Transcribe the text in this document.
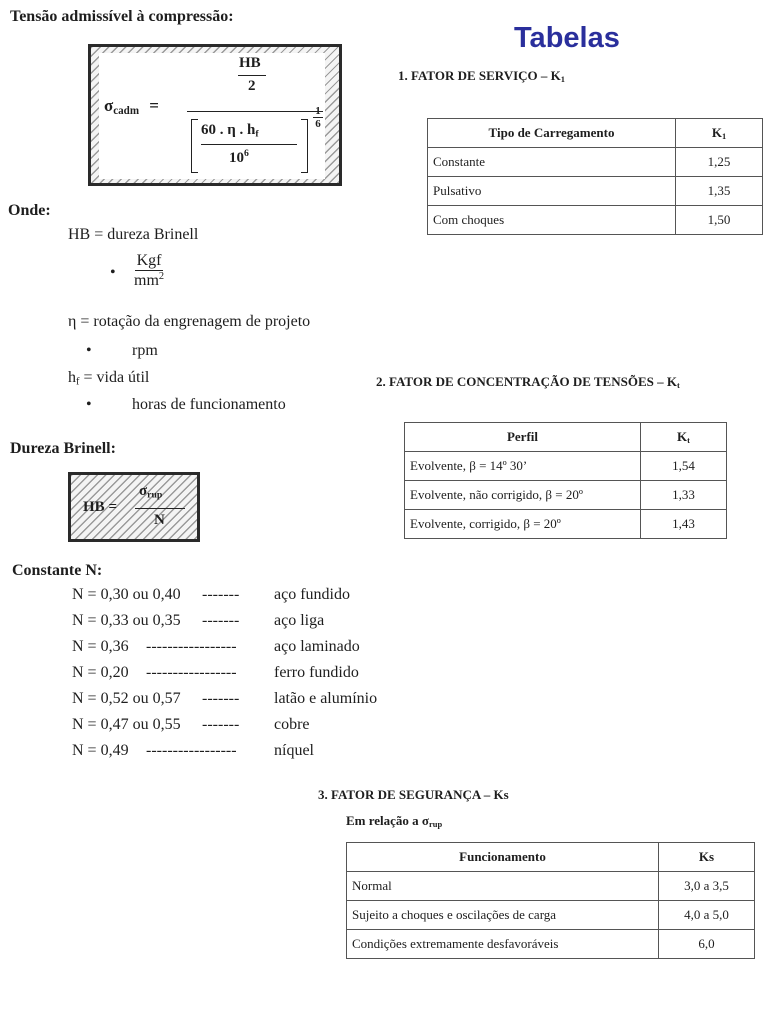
Tensão admissível à compressão:
Tabelas
$\sigma_{cadm}$ =
HB
2
60 . η . $h_f$
$10^6$
1
6
Onde:
HB = dureza Brinell
$\frac{\text{Kgf}}{mm^2}$
η = rotação da engrenagem de projeto
rpm
$h_f$ = vida útil
horas de funcionamento
Dureza Brinell:
HB =
$\sigma_{rup}$
N
Constante N:
N = 0,30 ou 0,40 ------- aço fundido
N = 0,33 ou 0,35 ------- aço liga
N = 0,36 ----------------- aço laminado
N = 0,20 ----------------- ferro fundido
N = 0,52 ou 0,57 ------- latão e alumínio
N = 0,47 ou 0,55 ------- cobre
N = 0,49 ----------------- níquel
1. FATOR DE SERVIÇO – $K_1$
Tipo de Carregamento	$K_1$
Constante	1,25
Pulsativo	1,35
Com choques	1,50
2. FATOR DE CONCENTRAÇÃO DE TENSÕES – $K_t$
Perfil	$K_t$
Evolvente, β = 14º 30’	1,54
Evolvente, não corrigido, β = 20º	1,33
Evolvente, corrigido, β = 20º	1,43
3. FATOR DE SEGURANÇA – Ks
Em relação a $\sigma_{rup}$
Funcionamento	Ks
Normal	3,0 a 3,5
Sujeito a choques e oscilações de carga	4,0 a 5,0
Condições extremamente desfavoráveis	6,0
